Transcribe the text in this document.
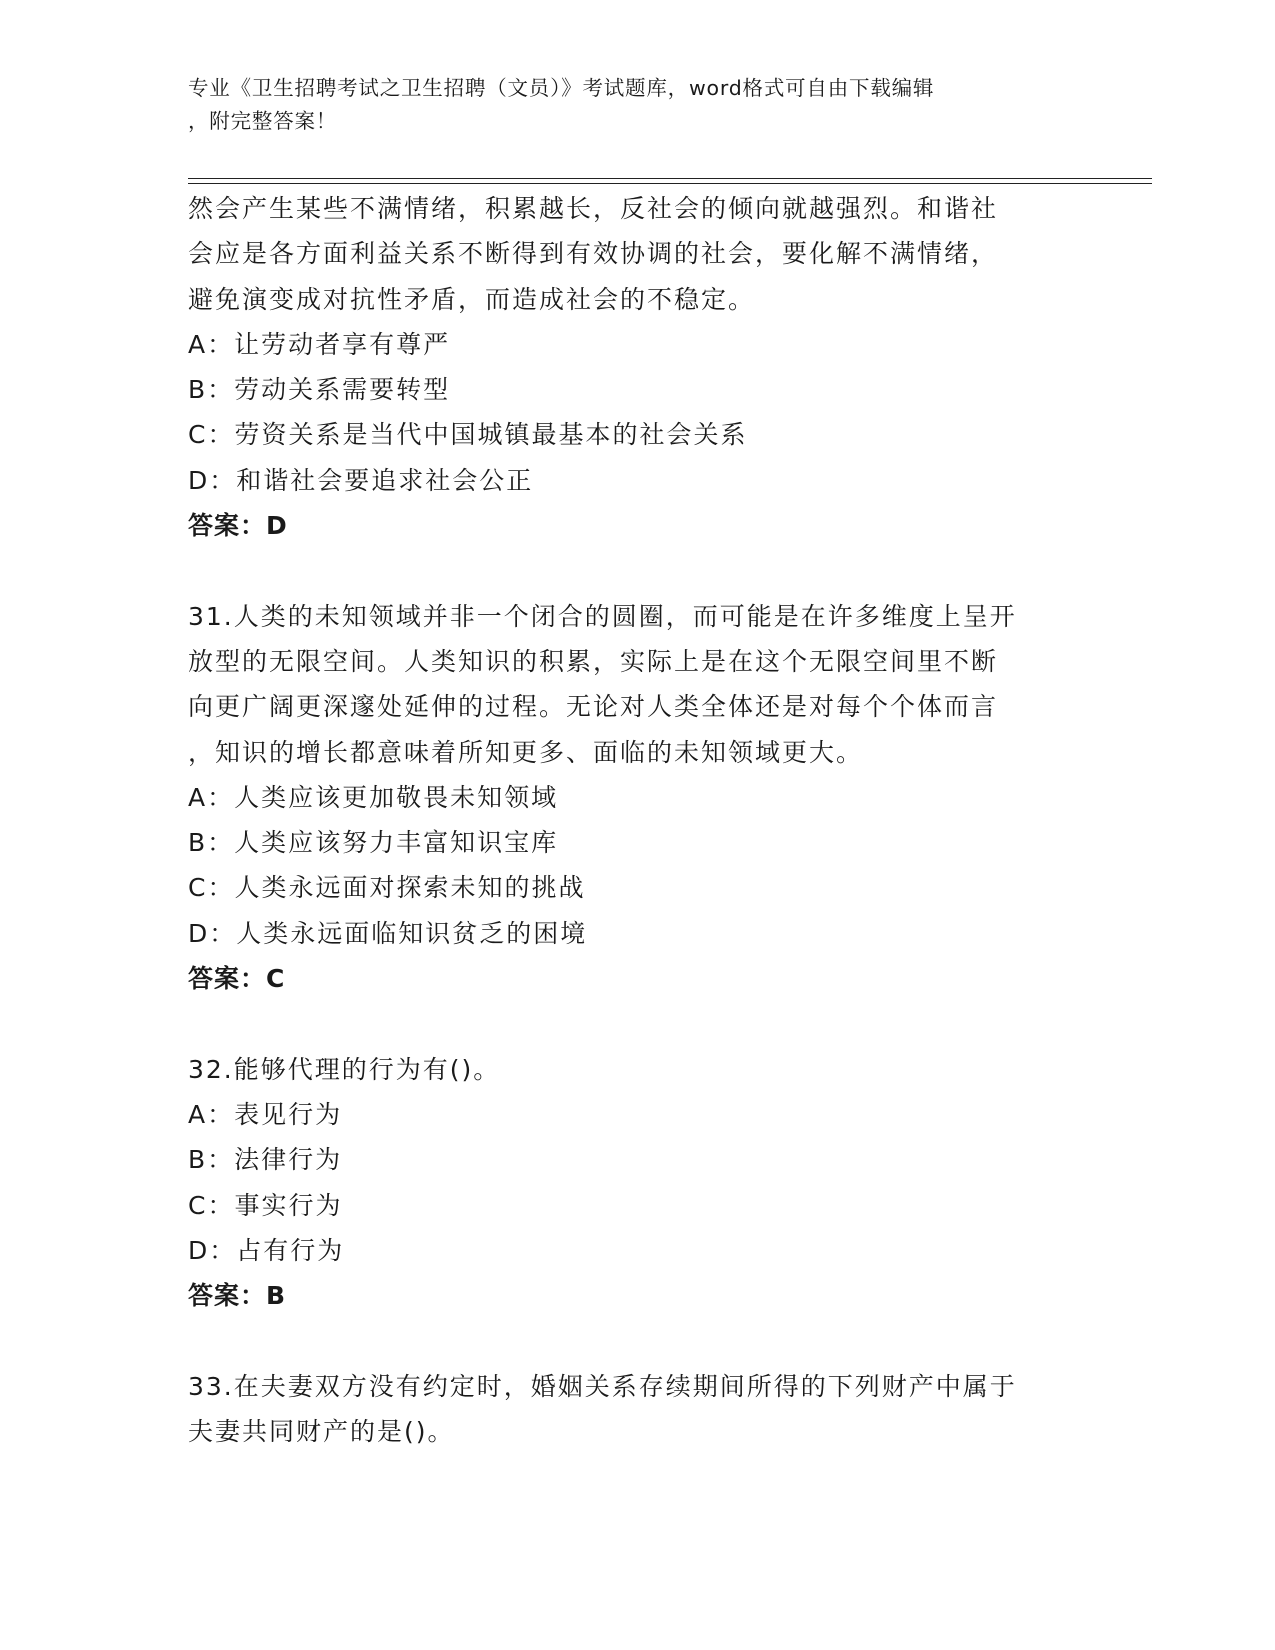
专业《卫生招聘考试之卫生招聘（文员）》考试题库，word格式可自由下载编辑

，附完整答案！

然会产生某些不满情绪，积累越长，反社会的倾向就越强烈。和谐社
会应是各方面利益关系不断得到有效协调的社会，要化解不满情绪，
避免演变成对抗性矛盾，而造成社会的不稳定。
A：让劳动者享有尊严
B：劳动关系需要转型
C：劳资关系是当代中国城镇最基本的社会关系
D：和谐社会要追求社会公正
答案：D
31.人类的未知领域并非一个闭合的圆圈，而可能是在许多维度上呈开
放型的无限空间。人类知识的积累，实际上是在这个无限空间里不断
向更广阔更深邃处延伸的过程。无论对人类全体还是对每个个体而言
，知识的增长都意味着所知更多、面临的未知领域更大。
A：人类应该更加敬畏未知领域
B：人类应该努力丰富知识宝库
C：人类永远面对探索未知的挑战
D：人类永远面临知识贫乏的困境
答案：C
32.能够代理的行为有()。
A：表见行为
B：法律行为
C：事实行为
D：占有行为
答案：B
33.在夫妻双方没有约定时，婚姻关系存续期间所得的下列财产中属于
夫妻共同财产的是()。
